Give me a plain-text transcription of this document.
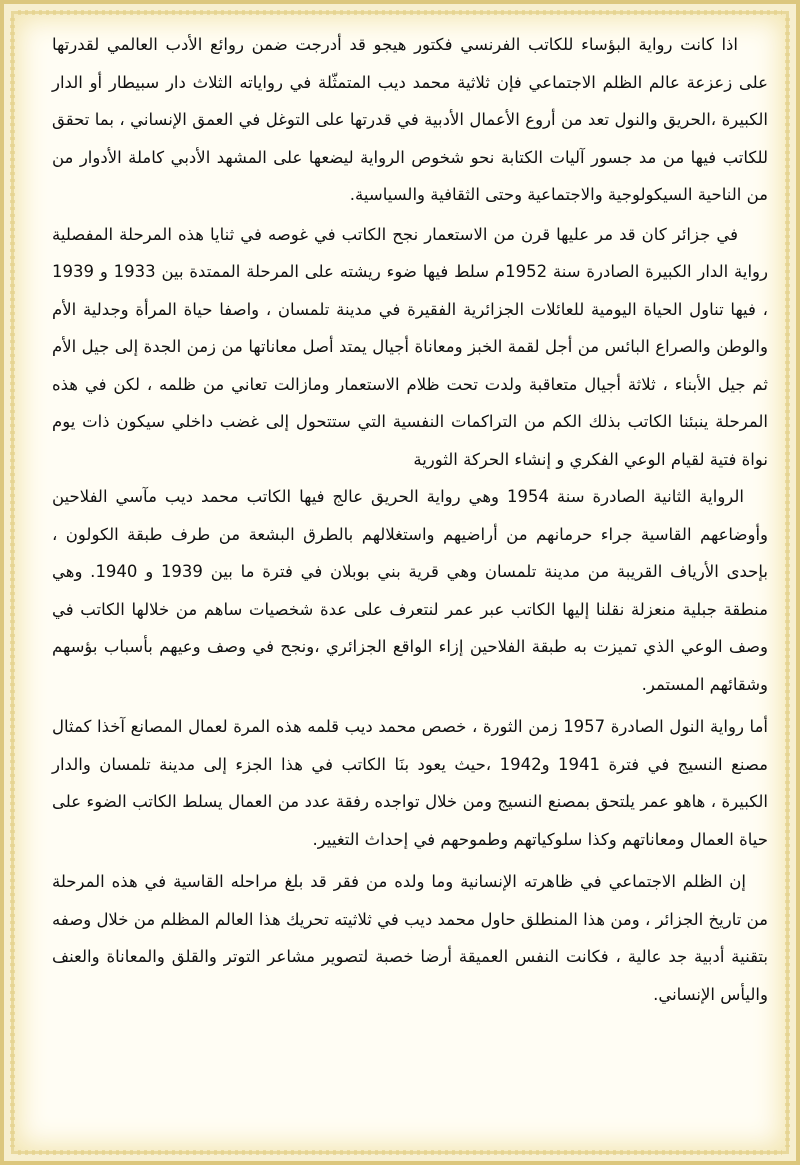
اذا كانت رواية البؤساء للكاتب الفرنسي فكتور هيجو قد أدرجت ضمن روائع الأدب العالمي لقدرتها على زعزعة عالم الظلم الاجتماعي فإن ثلاثية محمد ديب المتمثّلة في رواياته الثلاث دار سبيطار أو الدار الكبيرة ،الحريق والنول تعد من أروع الأعمال الأدبية في قدرتها على التوغل في العمق الإنساني ، بما تحقق للكاتب فيها من مد جسور آليات الكتابة نحو شخوص الرواية ليضعها على المشهد الأدبي كاملة الأدوار من من الناحية السيكولوجية والاجتماعية وحتى الثقافية والسياسية.

في جزائر كان قد مر عليها قرن من الاستعمار نجح الكاتب في غوصه في ثنايا هذه المرحلة المفصلية رواية الدار الكبيرة الصادرة سنة 1952م سلط فيها ضوء ريشته على المرحلة الممتدة بين 1933 و 1939 ، فيها تناول الحياة اليومية للعائلات الجزائرية الفقيرة في مدينة تلمسان ، واصفا حياة المرأة وجدلية الأم والوطن والصراع البائس من أجل لقمة الخبز ومعاناة أجيال يمتد أصل معاناتها من زمن الجدة إلى جيل الأم ثم جيل الأبناء ، ثلاثة أجيال متعاقبة ولدت تحت ظلام الاستعمار ومازالت تعاني من ظلمه ، لكن في هذه المرحلة ينبئنا الكاتب بذلك الكم من التراكمات النفسية التي ستتحول إلى غضب داخلي سيكون ذات يوم نواة فتية لقيام الوعي الفكري و إنشاء الحركة الثورية

الرواية الثانية الصادرة سنة 1954 وهي رواية الحريق عالج فيها الكاتب محمد ديب مآسي الفلاحين وأوضاعهم القاسية جراء حرمانهم من أراضيهم واستغلالهم بالطرق البشعة من طرف طبقة الكولون ، بإحدى الأرياف القريبة من مدينة تلمسان وهي قرية بني بوبلان في فترة ما بين 1939 و 1940. وهي منطقة جبلية منعزلة نقلنا إليها الكاتب عبر عمر لنتعرف على عدة شخصيات ساهم من خلالها الكاتب في وصف الوعي الذي تميزت به طبقة الفلاحين إزاء الواقع الجزائري ،ونجح في وصف وعيهم بأسباب بؤسهم وشقائهم المستمر.

أما رواية النول الصادرة 1957 زمن الثورة ، خصص محمد ديب قلمه هذه المرة لعمال المصانع آخذا كمثال مصنع النسيج في فترة 1941 و1942 ،حيث يعود بنَا الكاتب في هذا الجزء إلى مدينة تلمسان والدار الكبيرة ، هاهو عمر يلتحق بمصنع النسيج ومن خلال تواجده رفقة عدد من العمال يسلط الكاتب الضوء على حياة العمال ومعاناتهم وكذا سلوكياتهم وطموحهم في إحداث التغيير.

إن الظلم الاجتماعي في ظاهرته الإنسانية وما ولده من فقر قد بلغ مراحله القاسية في هذه المرحلة من تاريخ الجزائر ، ومن هذا المنطلق حاول محمد ديب في ثلاثيته تحريك هذا العالم المظلم من خلال وصفه بتقنية أدبية جد عالية ، فكانت النفس العميقة أرضا خصبة لتصوير مشاعر التوتر والقلق والمعاناة والعنف واليأس الإنساني.
